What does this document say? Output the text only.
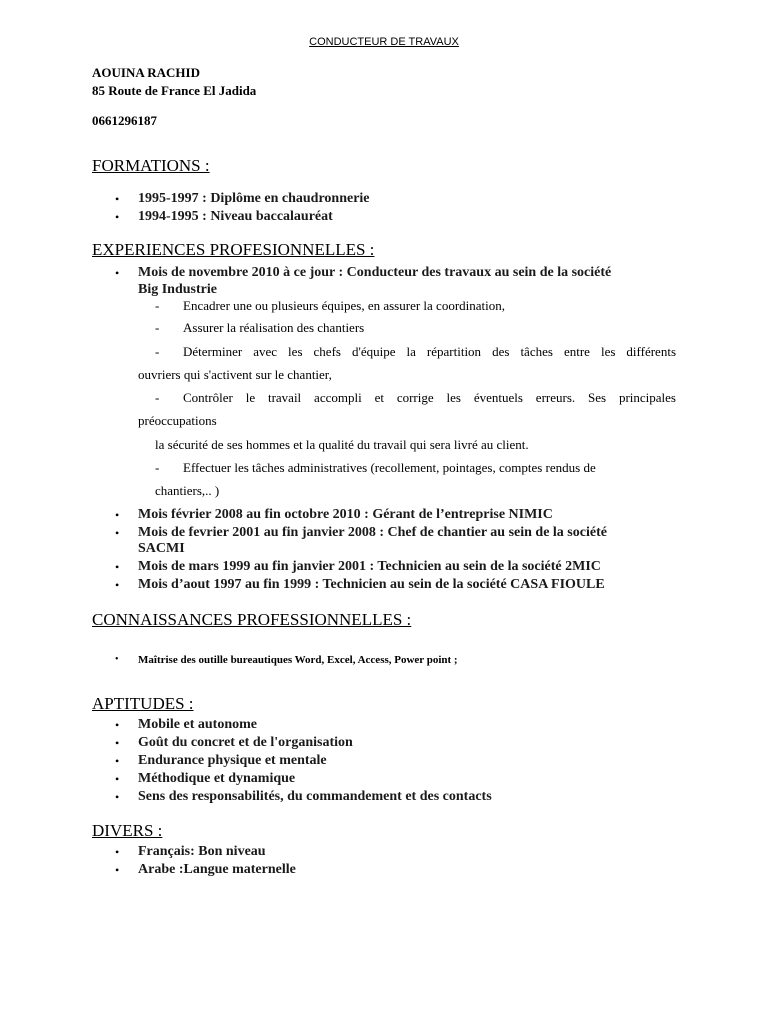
CONDUCTEUR DE TRAVAUX
AOUINA RACHID
85 Route de France El Jadida
0661296187
FORMATIONS :
• 1995-1997 : Diplôme en chaudronnerie
• 1994-1995 : Niveau baccalauréat
EXPERIENCES PROFESIONNELLES :
• Mois de novembre 2010 à ce jour : Conducteur des travaux au sein de la société
Big Industrie
- Encadrer une ou plusieurs équipes, en assurer la coordination,
- Assurer la réalisation des chantiers
- Déterminer avec les chefs d'équipe la répartition des tâches entre les différents
ouvriers qui s'activent sur le chantier,
- Contrôler le travail accompli et corrige les éventuels erreurs. Ses principales
préoccupations
la sécurité de ses hommes et la qualité du travail qui sera livré au client.
- Effectuer les tâches administratives (recollement, pointages, comptes rendus de
chantiers,.. )
• Mois février 2008 au fin octobre 2010 : Gérant de l’entreprise NIMIC
• Mois de fevrier 2001 au fin janvier 2008 : Chef de chantier au sein de la société
SACMI
• Mois de mars 1999 au fin janvier 2001 : Technicien au sein de la société 2MIC
• Mois d’aout 1997 au fin 1999 : Technicien au sein de la société CASA FIOULE
CONNAISSANCES PROFESSIONNELLES :
• Maîtrise des outille bureautiques Word, Excel, Access, Power point ;
APTITUDES :
• Mobile et autonome
• Goût du concret et de l'organisation
• Endurance physique et mentale
• Méthodique et dynamique
• Sens des responsabilités, du commandement et des contacts
DIVERS :
• Français: Bon niveau
• Arabe :Langue maternelle
